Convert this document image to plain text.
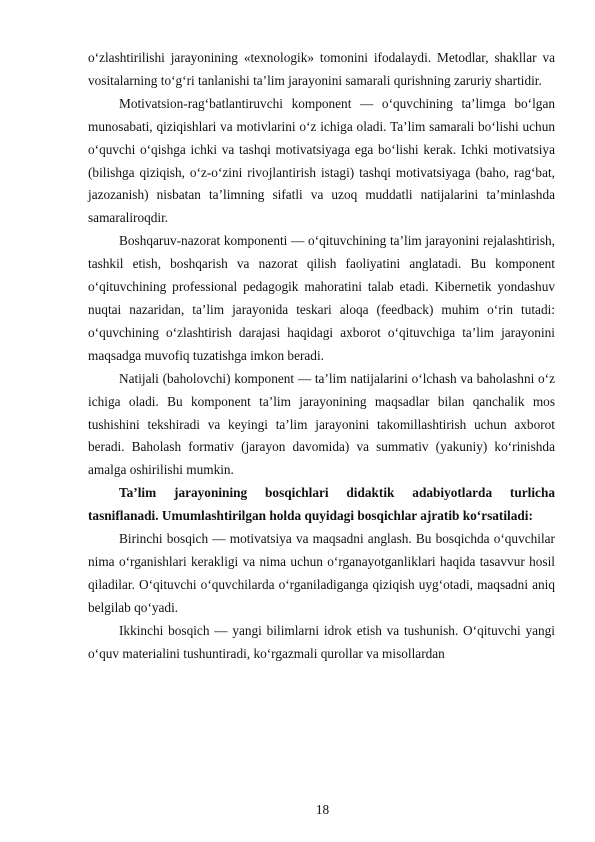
o‘zlashtirilishi jarayonining «texnologik» tomonini ifodalaydi. Metodlar, shakllar va vositalarning to‘g‘ri tanlanishi ta’lim jarayonini samarali qurishning zaruriy shartidir.

Motivatsion-rag‘batlantiruvchi komponent — o‘quvchining ta’limga bo‘lgan munosabati, qiziqishlari va motivlarini o‘z ichiga oladi. Ta’lim samarali bo‘lishi uchun o‘quvchi o‘qishga ichki va tashqi motivatsiyaga ega bo‘lishi kerak. Ichki motivatsiya (bilishga qiziqish, o‘z-o‘zini rivojlantirish istagi) tashqi motivatsiyaga (baho, rag‘bat, jazozanish) nisbatan ta’limning sifatli va uzoq muddatli natijalarini ta’minlashda samaraliroqdir.

Boshqaruv-nazorat komponenti — o‘qituvchining ta’lim jarayonini rejalashtirish, tashkil etish, boshqarish va nazorat qilish faoliyatini anglatadi. Bu komponent o‘qituvchining professional pedagogik mahoratini talab etadi. Kibernetik yondashuv nuqtai nazaridan, ta’lim jarayonida teskari aloqa (feedback) muhim o‘rin tutadi: o‘quvchining o‘zlashtirish darajasi haqidagi axborot o‘qituvchiga ta’lim jarayonini maqsadga muvofiq tuzatishga imkon beradi.

Natijali (baholovchi) komponent — ta’lim natijalarini o‘lchash va baholashni o‘z ichiga oladi. Bu komponent ta’lim jarayonining maqsadlar bilan qanchalik mos tushishini tekshiradi va keyingi ta’lim jarayonini takomillashtirish uchun axborot beradi. Baholash formativ (jarayon davomida) va summativ (yakuniy) ko‘rinishda amalga oshirilishi mumkin.

Ta’lim jarayonining bosqichlari didaktik adabiyotlarda turlicha tasniflanadi. Umumlashtirilgan holda quyidagi bosqichlar ajratib ko‘rsatiladi:

Birinchi bosqich — motivatsiya va maqsadni anglash. Bu bosqichda o‘quvchilar nima o‘rganishlari kerakligi va nima uchun o‘rganayotganliklari haqida tasavvur hosil qiladilar. O‘qituvchi o‘quvchilarda o‘rganiladiganga qiziqish uyg‘otadi, maqsadni aniq belgilab qo‘yadi.

Ikkinchi bosqich — yangi bilimlarni idrok etish va tushunish. O‘qituvchi yangi o‘quv materialini tushuntiradi, ko‘rgazmali qurollar va misollardan

18
